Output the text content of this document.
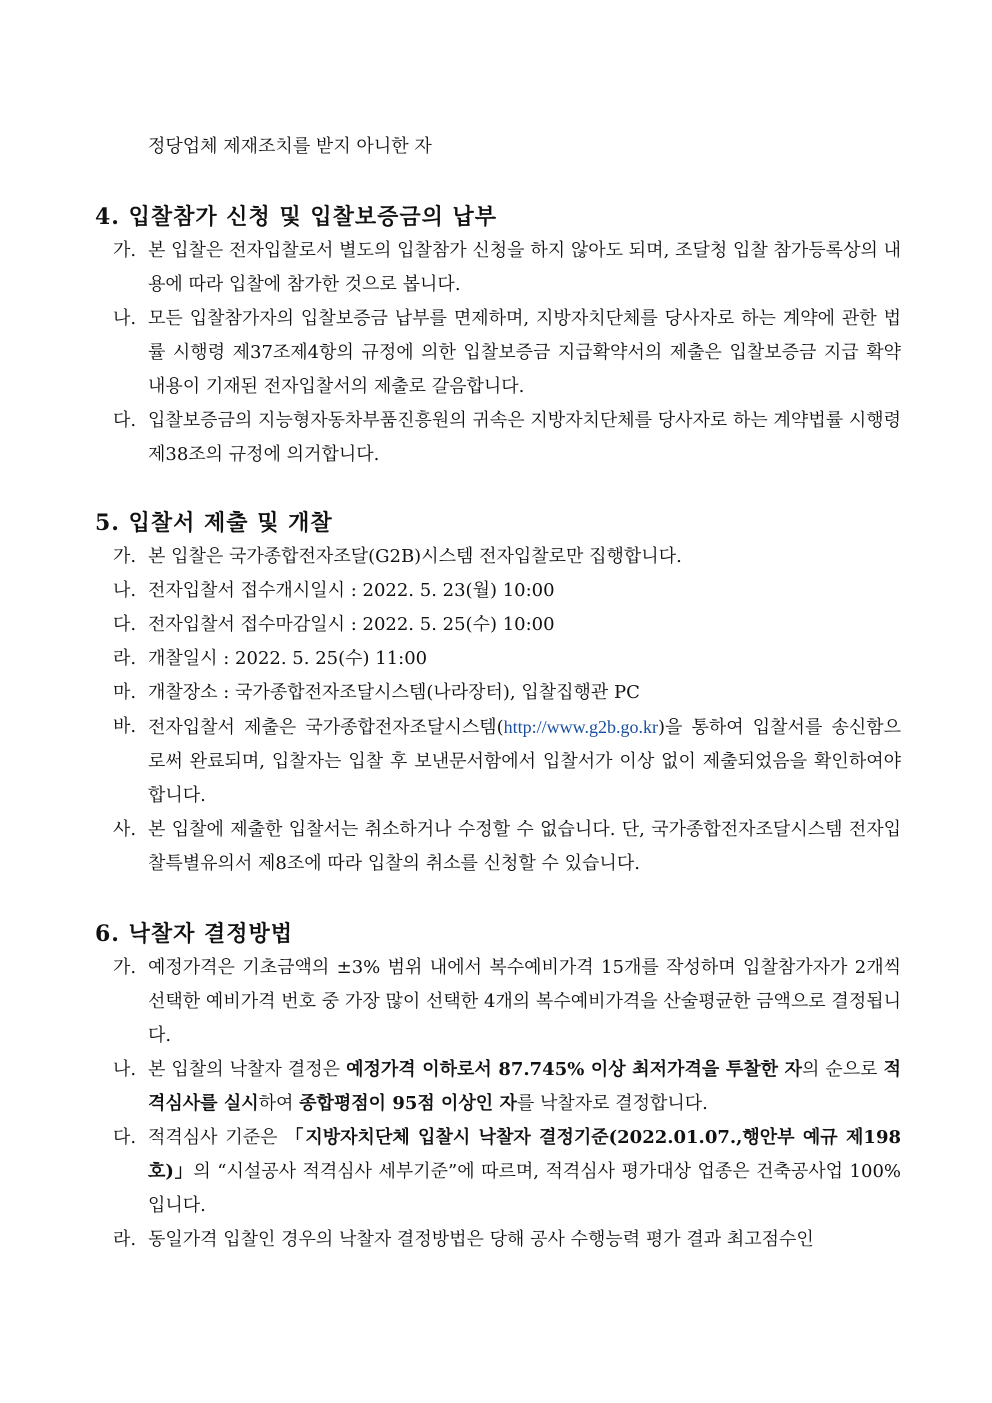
정당업체 제재조치를 받지 아니한 자

4. 입찰참가 신청 및 입찰보증금의 납부
가. 본 입찰은 전자입찰로서 별도의 입찰참가 신청을 하지 않아도 되며, 조달청 입찰 참가등록상의 내용에 따라 입찰에 참가한 것으로 봅니다.
나. 모든 입찰참가자의 입찰보증금 납부를 면제하며, 지방자치단체를 당사자로 하는 계약에 관한 법률 시행령 제37조제4항의 규정에 의한 입찰보증금 지급확약서의 제출은 입찰보증금 지급 확약 내용이 기재된 전자입찰서의 제출로 갈음합니다.
다. 입찰보증금의 지능형자동차부품진흥원의 귀속은 지방자치단체를 당사자로 하는 계약법률 시행령 제38조의 규정에 의거합니다.
5. 입찰서 제출 및 개찰
가. 본 입찰은 국가종합전자조달(G2B)시스템 전자입찰로만 집행합니다.
나. 전자입찰서 접수개시일시 : 2022. 5. 23(월) 10:00
다. 전자입찰서 접수마감일시 : 2022. 5. 25(수) 10:00
라. 개찰일시 : 2022. 5. 25(수) 11:00
마. 개찰장소 : 국가종합전자조달시스템(나라장터), 입찰집행관 PC
바. 전자입찰서 제출은 국가종합전자조달시스템(http://www.g2b.go.kr)을 통하여 입찰서를 송신함으로써 완료되며, 입찰자는 입찰 후 보낸문서함에서 입찰서가 이상 없이 제출되었음을 확인하여야 합니다.
사. 본 입찰에 제출한 입찰서는 취소하거나 수정할 수 없습니다. 단, 국가종합전자조달시스템 전자입찰특별유의서 제8조에 따라 입찰의 취소를 신청할 수 있습니다.
6. 낙찰자 결정방법
가. 예정가격은 기초금액의 ±3% 범위 내에서 복수예비가격 15개를 작성하며 입찰참가자가 2개씩 선택한 예비가격 번호 중 가장 많이 선택한 4개의 복수예비가격을 산술평균한 금액으로 결정됩니다.
나. 본 입찰의 낙찰자 결정은 예정가격 이하로서 87.745% 이상 최저가격을 투찰한 자의 순으로 적격심사를 실시하여 종합평점이 95점 이상인 자를 낙찰자로 결정합니다.
다. 적격심사 기준은 「지방자치단체 입찰시 낙찰자 결정기준(2022.01.07.,행안부 예규 제198호)」의 “시설공사 적격심사 세부기준”에 따르며, 적격심사 평가대상 업종은 건축공사업 100%입니다.
라. 동일가격 입찰인 경우의 낙찰자 결정방법은 당해 공사 수행능력 평가 결과 최고점수인
